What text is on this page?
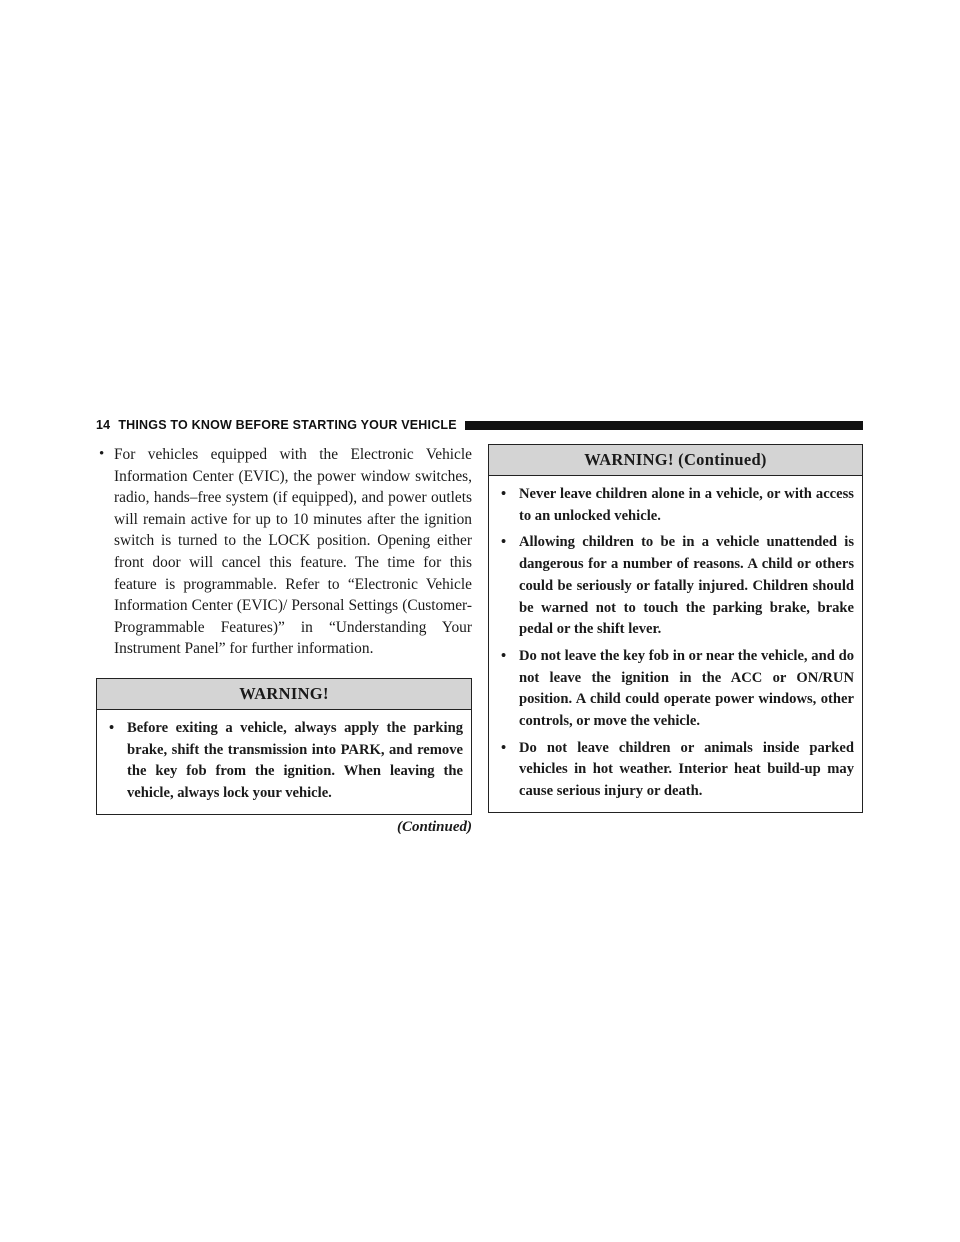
14 THINGS TO KNOW BEFORE STARTING YOUR VEHICLE

• For vehicles equipped with the Electronic Vehicle Information Center (EVIC), the power window switches, radio, hands–free system (if equipped), and power outlets will remain active for up to 10 minutes after the ignition switch is turned to the LOCK position. Opening either front door will cancel this feature. The time for this feature is programmable. Refer to “Electronic Vehicle Information Center (EVIC)/ Personal Settings (Customer-Programmable Features)” in “Understanding Your Instrument Panel” for further information.

WARNING!

• Before exiting a vehicle, always apply the parking brake, shift the transmission into PARK, and remove the key fob from the ignition. When leaving the vehicle, always lock your vehicle.

(Continued)
WARNING! (Continued)

• Never leave children alone in a vehicle, or with access to an unlocked vehicle.

• Allowing children to be in a vehicle unattended is dangerous for a number of reasons. A child or others could be seriously or fatally injured. Children should be warned not to touch the parking brake, brake pedal or the shift lever.

• Do not leave the key fob in or near the vehicle, and do not leave the ignition in the ACC or ON/RUN position. A child could operate power windows, other controls, or move the vehicle.

• Do not leave children or animals inside parked vehicles in hot weather. Interior heat build-up may cause serious injury or death.
